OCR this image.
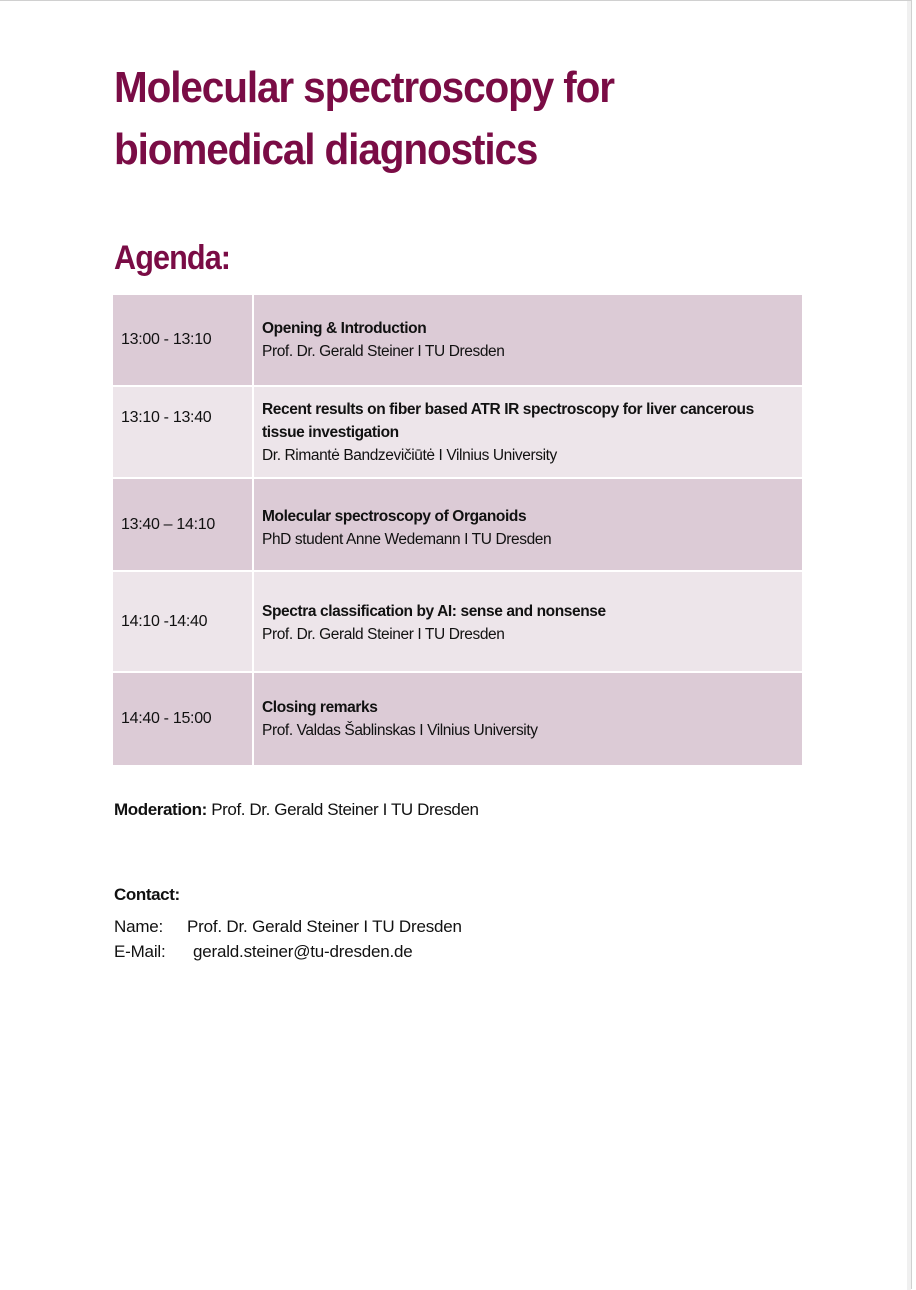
Molecular spectroscopy for biomedical diagnostics
Agenda:
13:00 - 13:10
Opening & Introduction
Prof. Dr. Gerald Steiner I TU Dresden
13:10 - 13:40	Recent results on fiber based ATR IR spectroscopy for liver cancerous tissue investigation
Dr. Rimantė Bandzevičiūtė I Vilnius University
13:40 – 14:10	Molecular spectroscopy of Organoids
PhD student Anne Wedemann I TU Dresden
14:10 -14:40
Spectra classification by AI: sense and nonsense
Prof. Dr. Gerald Steiner I TU Dresden
14:40 - 15:00
Closing remarks
Prof. Valdas Šablinskas I Vilnius University
Moderation: Prof. Dr. Gerald Steiner I TU Dresden
Contact:
Name: Prof. Dr. Gerald Steiner I TU Dresden
E-Mail: gerald.steiner@tu-dresden.de
